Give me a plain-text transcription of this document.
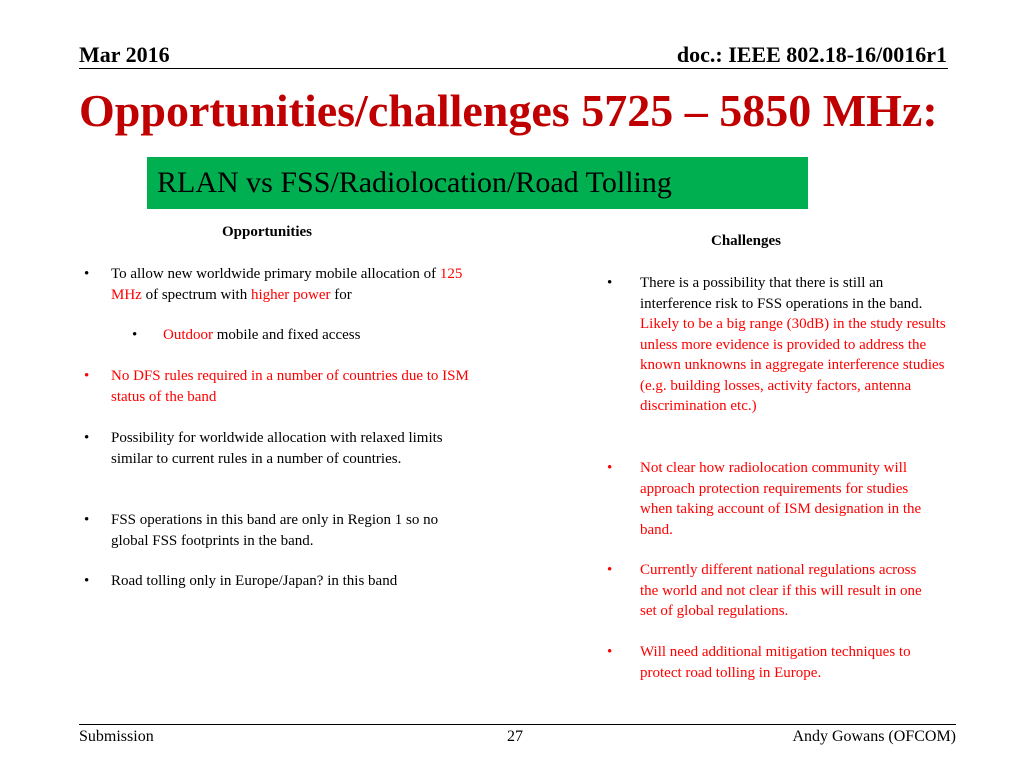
Mar 2016	doc.: IEEE 802.18-16/0016r1
Opportunities/challenges 5725 – 5850 MHz:
RLAN vs FSS/Radiolocation/Road Tolling
Opportunities
• To allow new worldwide primary mobile allocation of 125 MHz of spectrum with higher power for
• Outdoor mobile and fixed access
• No DFS rules required in a number of countries due to ISM status of the band
• Possibility for worldwide allocation with relaxed limits similar to current rules in a number of countries.
• FSS operations in this band are only in Region 1 so no global FSS footprints in the band.
• Road tolling only in Europe/Japan? in this band
Challenges
• There is a possibility that there is still an interference risk to FSS operations in the band. Likely to be a big range (30dB) in the study results unless more evidence is provided to address the known unknowns in aggregate interference studies (e.g. building losses, activity factors, antenna discrimination etc.)
• Not clear how radiolocation community will approach protection requirements for studies when taking account of ISM designation in the band.
• Currently different national regulations across the world and not clear if this will result in one set of global regulations.
• Will need additional mitigation techniques to protect road tolling in Europe.
Submission	27	Andy Gowans (OFCOM)
